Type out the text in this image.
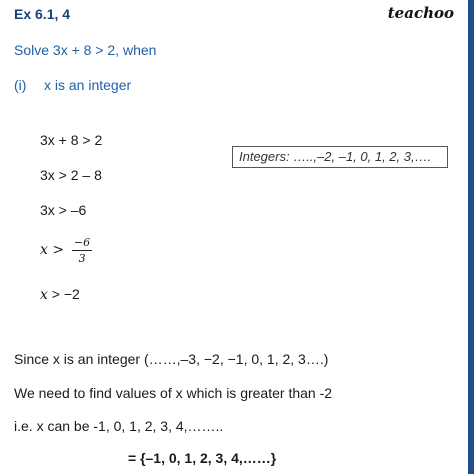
Ex 6.1, 4	teachoo
Solve 3x + 8 > 2, when
(i) x is an integer
3x + 8 > 2
3x > 2 – 8
3x > –6
$x > \frac{-6}{3}$
x > −2
Integers: …..,–2, –1, 0, 1, 2, 3,….
Since x is an integer (……,–3, −2, −1, 0, 1, 2, 3….)
We need to find values of x which is greater than -2
i.e. x can be -1, 0, 1, 2, 3, 4,……..
= {–1, 0, 1, 2, 3, 4,……}
